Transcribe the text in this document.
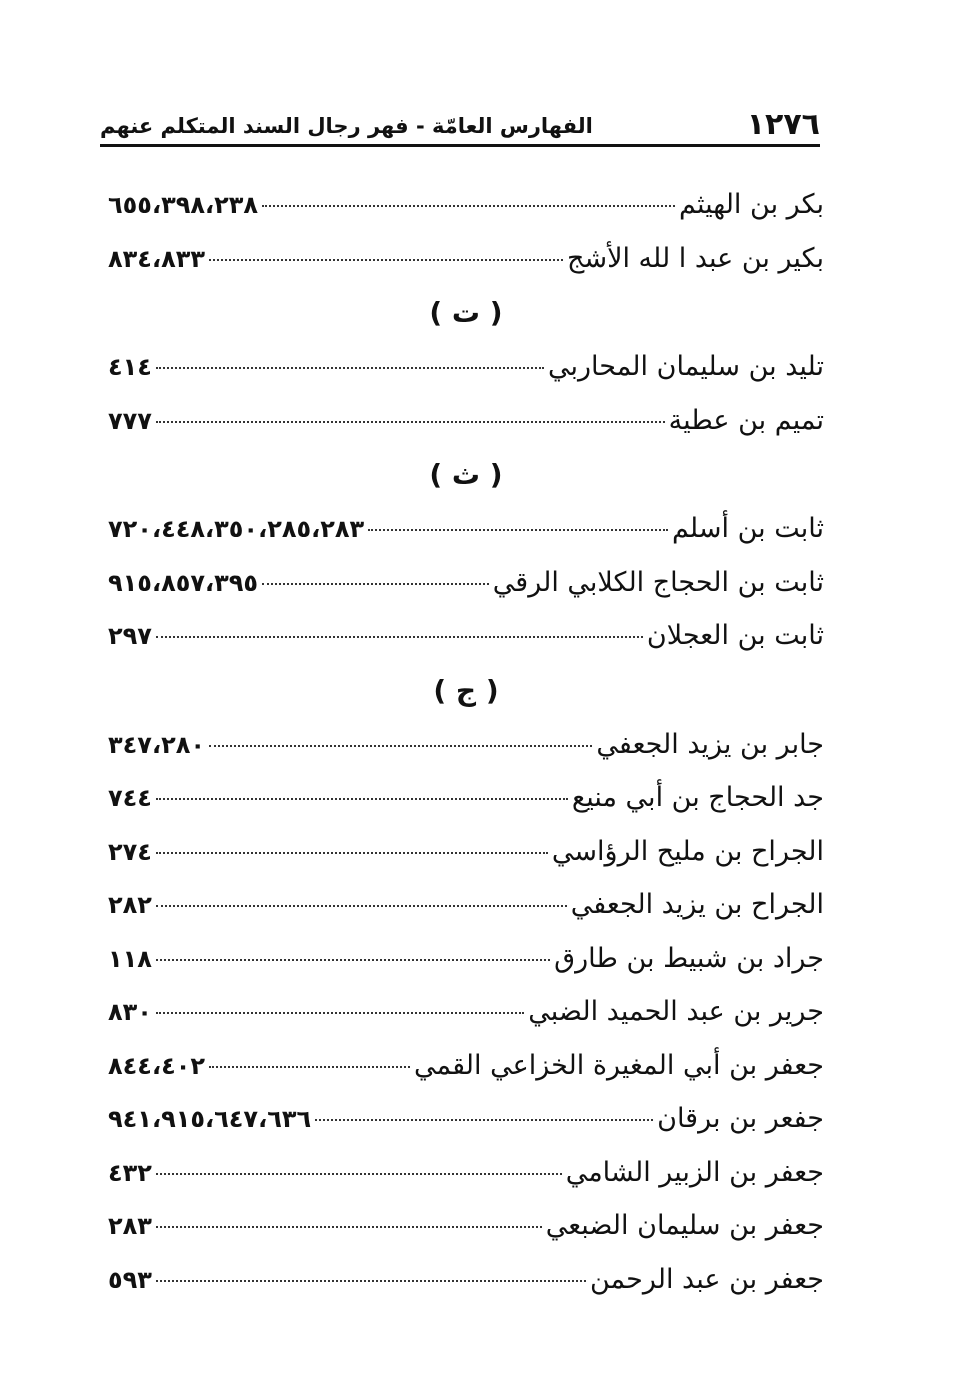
١٢٧٦
الفهارس العامّة - فهر رجال السند المتكلم عنهم
بكر بن الهيثم
٦٥٥،٣٩٨،٢٣٨
بكير بن عبد ا لله الأشج
٨٣٤،٨٣٣
( ت )
تليد بن سليمان المحاربي
٤١٤
تميم بن عطية
٧٧٧
( ث )
ثابت بن أسلم
٧٢٠،٤٤٨،٣٥٠،٢٨٥،٢٨٣
ثابت بن الحجاج الكلابي الرقي
٩١٥،٨٥٧،٣٩٥
ثابت بن العجلان
٢٩٧
( ج )
جابر بن يزيد الجعفي
٣٤٧،٢٨٠
جد الحجاج بن أبي منيع
٧٤٤
الجراح بن مليح الرؤاسي
٢٧٤
الجراح بن يزيد الجعفي
٢٨٢
جراد بن شبيط بن طارق
١١٨
جرير بن عبد الحميد الضبي
٨٣٠
جعفر بن أبي المغيرة الخزاعي القمي
٨٤٤،٤٠٢
جفعر بن برقان
٩٤١،٩١٥،٦٤٧،٦٣٦
جعفر بن الزبير الشامي
٤٣٢
جعفر بن سليمان الضبعي
٢٨٣
جعفر بن عبد الرحمن
٥٩٣
